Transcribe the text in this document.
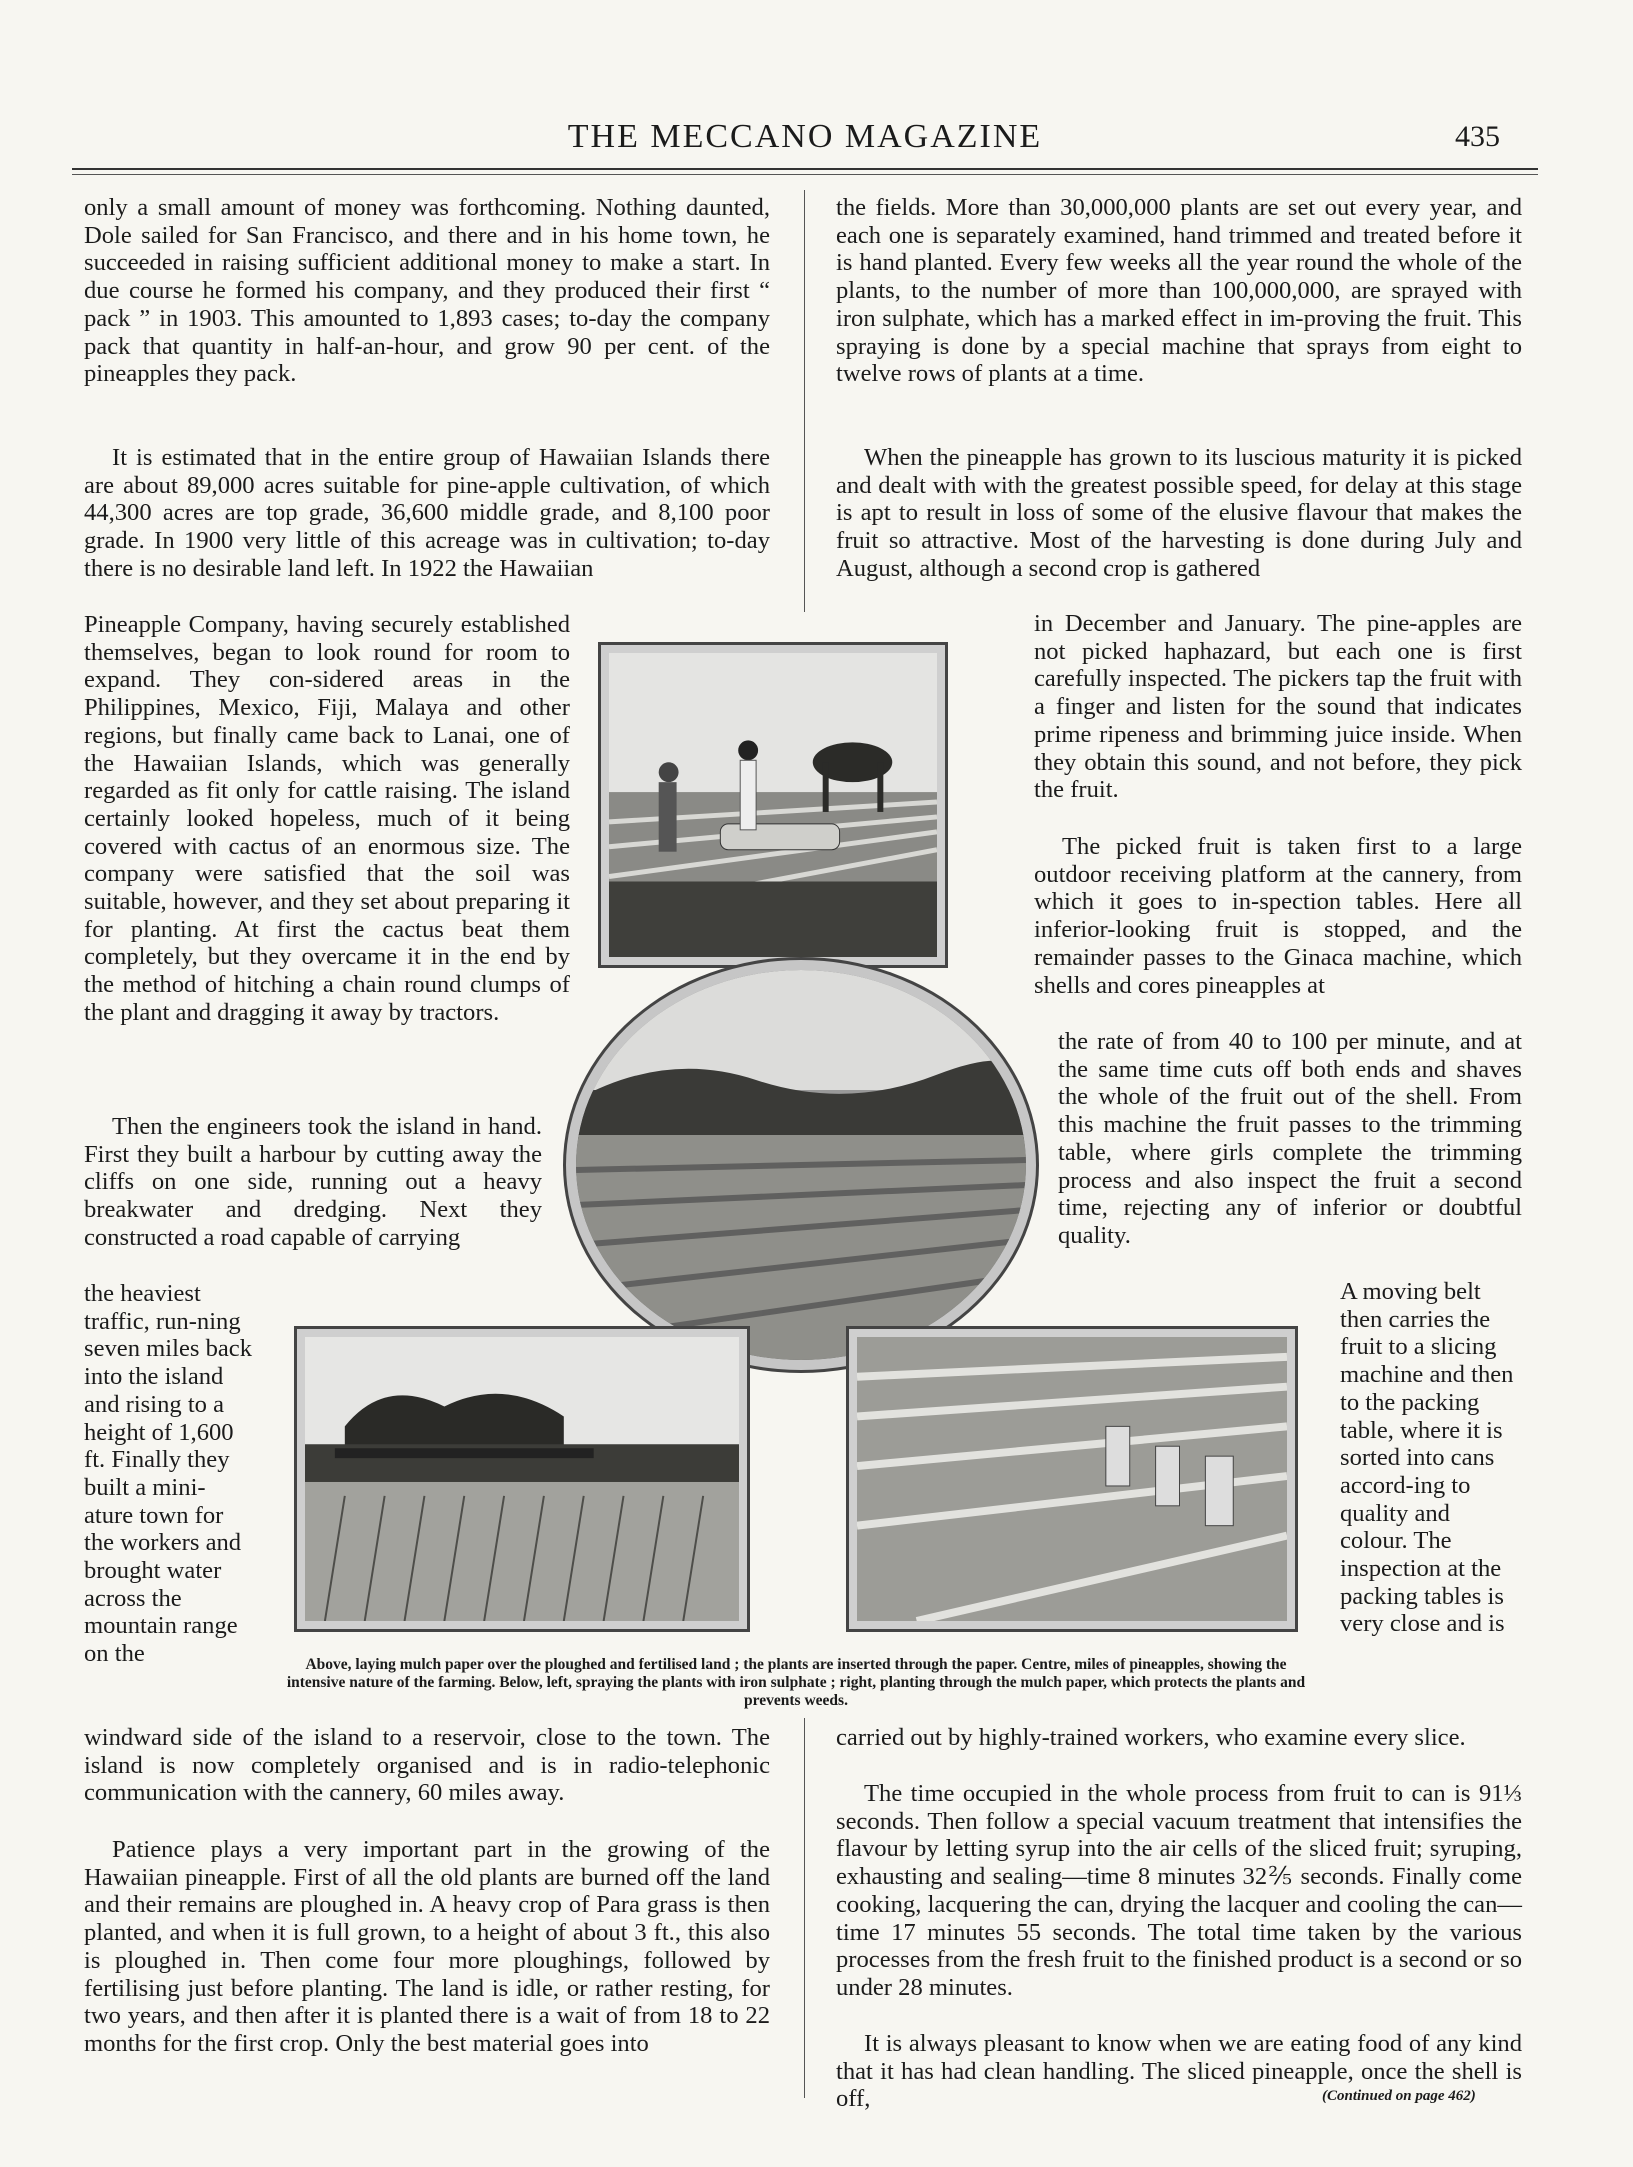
THE MECCANO MAGAZINE	435

only a small amount of money was forthcoming. Nothing daunted, Dole sailed for San Francisco, and there and in his home town, he succeeded in raising sufficient additional money to make a start. In due course he formed his company, and they produced their first “ pack ” in 1903. This amounted to 1,893 cases; to-day the company pack that quantity in half-an-hour, and grow 90 per cent. of the pineapples they pack.

It is estimated that in the entire group of Hawaiian Islands there are about 89,000 acres suitable for pine-apple cultivation, of which 44,300 acres are top grade, 36,600 middle grade, and 8,100 poor grade. In 1900 very little of this acreage was in cultivation; to-day there is no desirable land left. In 1922 the Hawaiian

Pineapple Company, having securely established themselves, began to look round for room to expand. They con-sidered areas in the Philippines, Mexico, Fiji, Malaya and other regions, but finally came back to Lanai, one of the Hawaiian Islands, which was generally regarded as fit only for cattle raising. The island certainly looked hopeless, much of it being covered with cactus of an enormous size. The company were satisfied that the soil was suitable, however, and they set about preparing it for planting. At first the cactus beat them completely, but they overcame it in the end by the method of hitching a chain round clumps of the plant and dragging it away by tractors.

Then the engineers took the island in hand. First they built a harbour by cutting away the cliffs on one side, running out a heavy breakwater and dredging. Next they constructed a road capable of carrying

the heaviest traffic, run-ning seven miles back into the island and rising to a height of 1,600 ft. Finally they built a mini-ature town for the workers and brought water across the mountain range on the

windward side of the island to a reservoir, close to the town. The island is now completely organised and is in radio-telephonic communication with the cannery, 60 miles away.

Patience plays a very important part in the growing of the Hawaiian pineapple. First of all the old plants are burned off the land and their remains are ploughed in. A heavy crop of Para grass is then planted, and when it is full grown, to a height of about 3 ft., this also is ploughed in. Then come four more ploughings, followed by fertilising just before planting. The land is idle, or rather resting, for two years, and then after it is planted there is a wait of from 18 to 22 months for the first crop. Only the best material goes into

the fields. More than 30,000,000 plants are set out every year, and each one is separately examined, hand trimmed and treated before it is hand planted. Every few weeks all the year round the whole of the plants, to the number of more than 100,000,000, are sprayed with iron sulphate, which has a marked effect in im-proving the fruit. This spraying is done by a special machine that sprays from eight to twelve rows of plants at a time.

When the pineapple has grown to its luscious maturity it is picked and dealt with with the greatest possible speed, for delay at this stage is apt to result in loss of some of the elusive flavour that makes the fruit so attractive. Most of the harvesting is done during July and August, although a second crop is gathered

in December and January. The pine-apples are not picked haphazard, but each one is first carefully inspected. The pickers tap the fruit with a finger and listen for the sound that indicates prime ripeness and brimming juice inside. When they obtain this sound, and not before, they pick the fruit.

The picked fruit is taken first to a large outdoor receiving platform at the cannery, from which it goes to in-spection tables. Here all inferior-looking fruit is stopped, and the remainder passes to the Ginaca machine, which shells and cores pineapples at

the rate of from 40 to 100 per minute, and at the same time cuts off both ends and shaves the whole of the fruit out of the shell. From this machine the fruit passes to the trimming table, where girls complete the trimming process and also inspect the fruit a second time, rejecting any of inferior or doubtful quality.

A moving belt then carries the fruit to a slicing machine and then to the packing table, where it is sorted into cans accord-ing to quality and colour. The inspection at the packing tables is very close and is

carried out by highly-trained workers, who examine every slice.

The time occupied in the whole process from fruit to can is 91⅓ seconds. Then follow a special vacuum treatment that intensifies the flavour by letting syrup into the air cells of the sliced fruit; syruping, exhausting and sealing—time 8 minutes 32⅖ seconds. Finally come cooking, lacquering the can, drying the lacquer and cooling the can—time 17 minutes 55 seconds. The total time taken by the various processes from the fresh fruit to the finished product is a second or so under 28 minutes.

It is always pleasant to know when we are eating food of any kind that it has had clean handling. The sliced pineapple, once the shell is off,	(Continued on page 462)
Above, laying mulch paper over the ploughed and fertilised land ; the plants are inserted through the paper. Centre, miles of pineapples, showing the intensive nature of the farming. Below, left, spraying the plants with iron sulphate ; right, planting through the mulch paper, which protects the plants and prevents weeds.
